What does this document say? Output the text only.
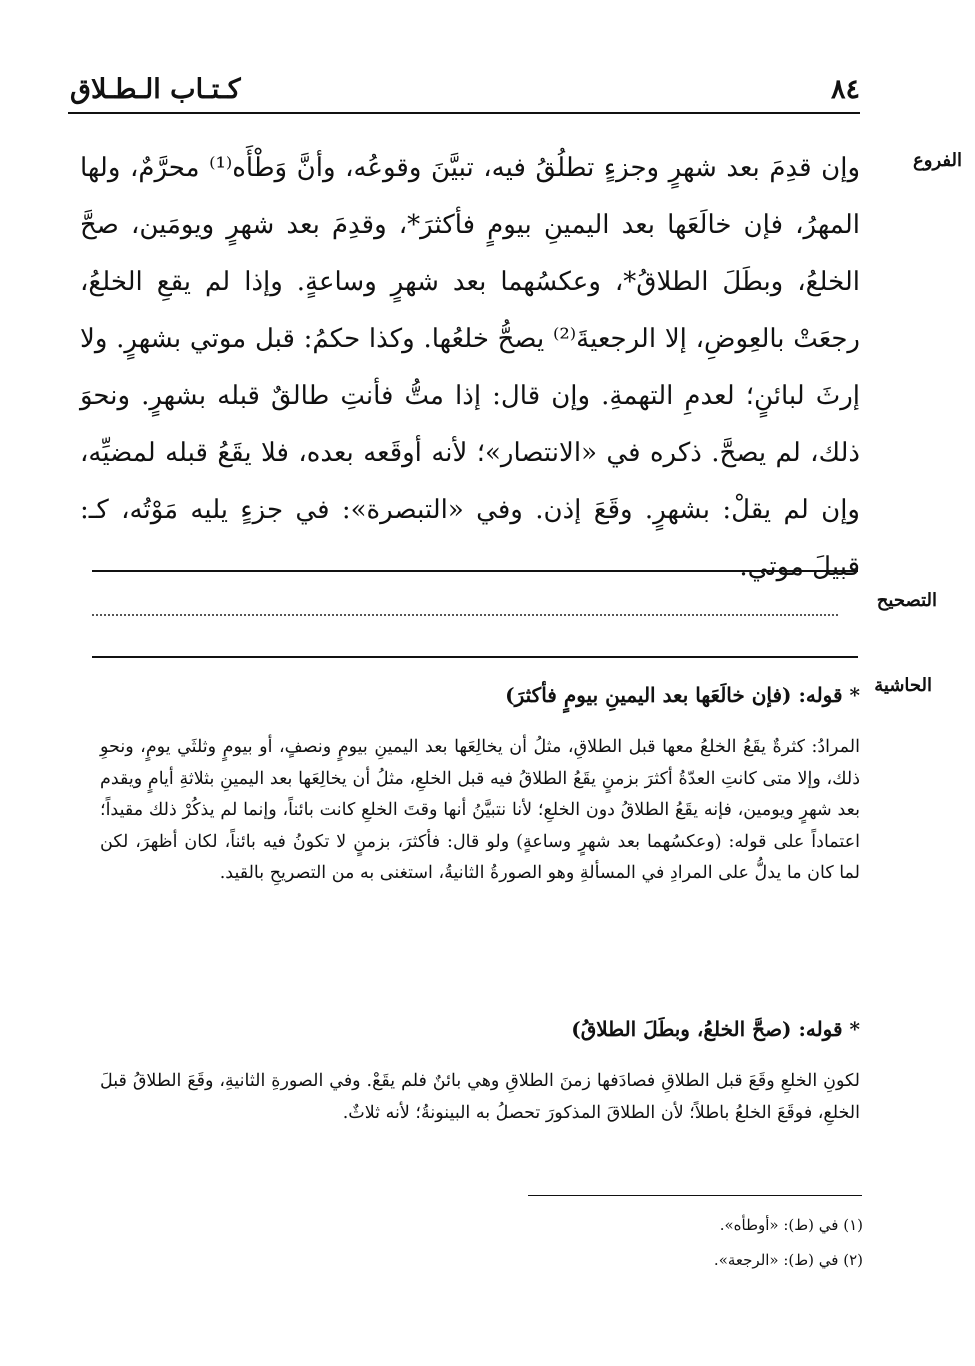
٨٤
كـتـاب الـطـلاق
الفروع
التصحيح
الحاشية
وإن قدِمَ بعد شهرٍ وجزءٍ تطلُقُ فيه، تبيَّنَ وقوعُه، وأنَّ وَطْأَه⁽¹⁾ محرَّمٌ، ولها المهرُ، فإن خالَعَها بعد اليمينِ بيومٍ فأكثرَ*، وقدِمَ بعد شهرٍ ويومَين، صحَّ الخلعُ، وبطَلَ الطلاقُ*، وعكسُهما بعد شهرٍ وساعةٍ. وإذا لم يقعِ الخلعُ، رجعَتْ بالعِوضِ، إلا الرجعيةَ⁽²⁾ يصحُّ خلعُها. وكذا حكمُ: قبل موتي بشهرٍ. ولا إرثَ لبائنٍ؛ لعدمِ التهمةِ. وإن قال: إذا متُّ فأنتِ طالقٌ قبله بشهرٍ. ونحوَ ذلك، لم يصحَّ. ذكره في «الانتصار»؛ لأنه أوقَعه بعده، فلا يقَعُ قبله لمضيِّه، وإن لم يقلْ: بشهرٍ. وقَعَ إذن. وفي «التبصرة»: في جزءٍ يليه مَوْتُه، كـ: قبيلَ موتي.
* قوله: (فإن خالَعَها بعد اليمينِ بيومٍ فأكثرَ)
المرادُ: كثرةٌ يقَعُ الخلعُ معها قبل الطلاقِ، مثلُ أن يخالِعَها بعد اليمينِ بيومٍ ونصفٍ، أو بيومٍ وثلثَي يومٍ، ونحوِ ذلك، وإلا متى كانتِ العدّةُ أكثرَ بزمنٍ يقَعُ الطلاقُ فيه قبل الخلعِ، مثلُ أن يخالِعَها بعد اليمينِ بثلاثةِ أيامٍ ويقدم بعد شهرٍ ويومين، فإنه يقَعُ الطلاقُ دون الخلعِ؛ لأنا نتبيَّنُ أنها وقتَ الخلعِ كانت بائناً، وإنما لم يذكُرْ ذلك مقيداً؛ اعتماداً على قوله: (وعكسُهما بعد شهرٍ وساعةٍ) ولو قال: فأكثرَ، بزمنٍ لا تكونُ فيه بائناً، لكان أظهرَ، لكن لما كان ما يدلُّ على المرادِ في المسألةِ وهو الصورةُ الثانيةُ، استغنى به من التصريحِ بالقيد.
* قوله: (صحَّ الخلعُ، وبطَلَ الطلاقُ)
لكونِ الخلعِ وقَعَ قبل الطلاقِ فصادَفها زمنَ الطلاقِ وهي بائنٌ فلم يقَعْ. وفي الصورةِ الثانيةِ، وقَعَ الطلاقُ قبلَ الخلعِ، فوقَعَ الخلعُ باطلاً؛ لأن الطلاقَ المذكورَ تحصلُ به البينونةُ؛ لأنه ثلاثٌ.
(١) في (ط): «أوطأه».
(٢) في (ط): «الرجعة».
